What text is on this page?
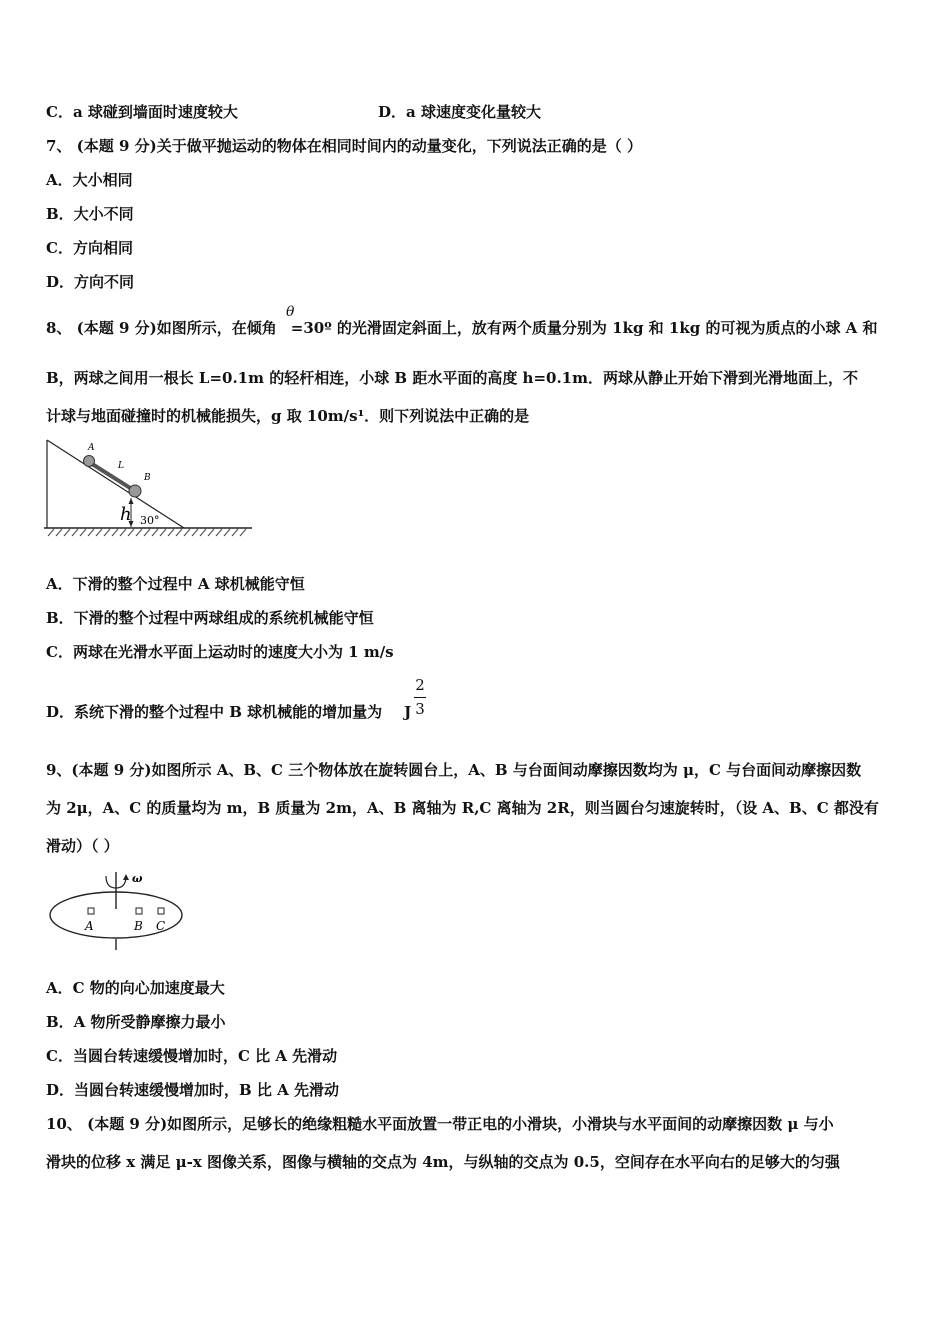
C．a 球碰到墙面时速度较大	D．a 球速度变化量较大
7、 (本题 9 分)关于做平抛运动的物体在相同时间内的动量变化，下列说法正确的是（ ）
A．大小相同
B．大小不同
C．方向相同
D．方向不同
8、 (本题 9 分)如图所示，在倾角 =30º 的光滑固定斜面上，放有两个质量分别为 1kg 和 1kg 的可视为质点的小球 A 和
θ
B，两球之间用一根长 L=0.1m 的轻杆相连，小球 B 距水平面的高度 h=0.1m．两球从静止开始下滑到光滑地面上，不
计球与地面碰撞时的机械能损失，g 取 10m/s¹．则下列说法中正确的是
A
B
L
h 30°
A．下滑的整个过程中 A 球机械能守恒
B．下滑的整个过程中两球组成的系统机械能守恒
C．两球在光滑水平面上运动时的速度大小为 1 m/s
D．系统下滑的整个过程中 B 球机械能的增加量为 J
2
3
9、(本题 9 分)如图所示 A、B、C 三个物体放在旋转圆台上，A、B 与台面间动摩擦因数均为 μ，C 与台面间动摩擦因数
为 2μ，A、C 的质量均为 m，B 质量为 2m，A、B 离轴为 R,C 离轴为 2R，则当圆台匀速旋转时，（设 A、B、C 都没有
滑动）（ ）
ω
A	B C
A．C 物的向心加速度最大
B．A 物所受静摩擦力最小
C．当圆台转速缓慢增加时，C 比 A 先滑动
D．当圆台转速缓慢增加时，B 比 A 先滑动
10、 (本题 9 分)如图所示，足够长的绝缘粗糙水平面放置一带正电的小滑块，小滑块与水平面间的动摩擦因数 μ 与小
滑块的位移 x 满足 μ-x 图像关系，图像与横轴的交点为 4m，与纵轴的交点为 0.5，空间存在水平向右的足够大的匀强
